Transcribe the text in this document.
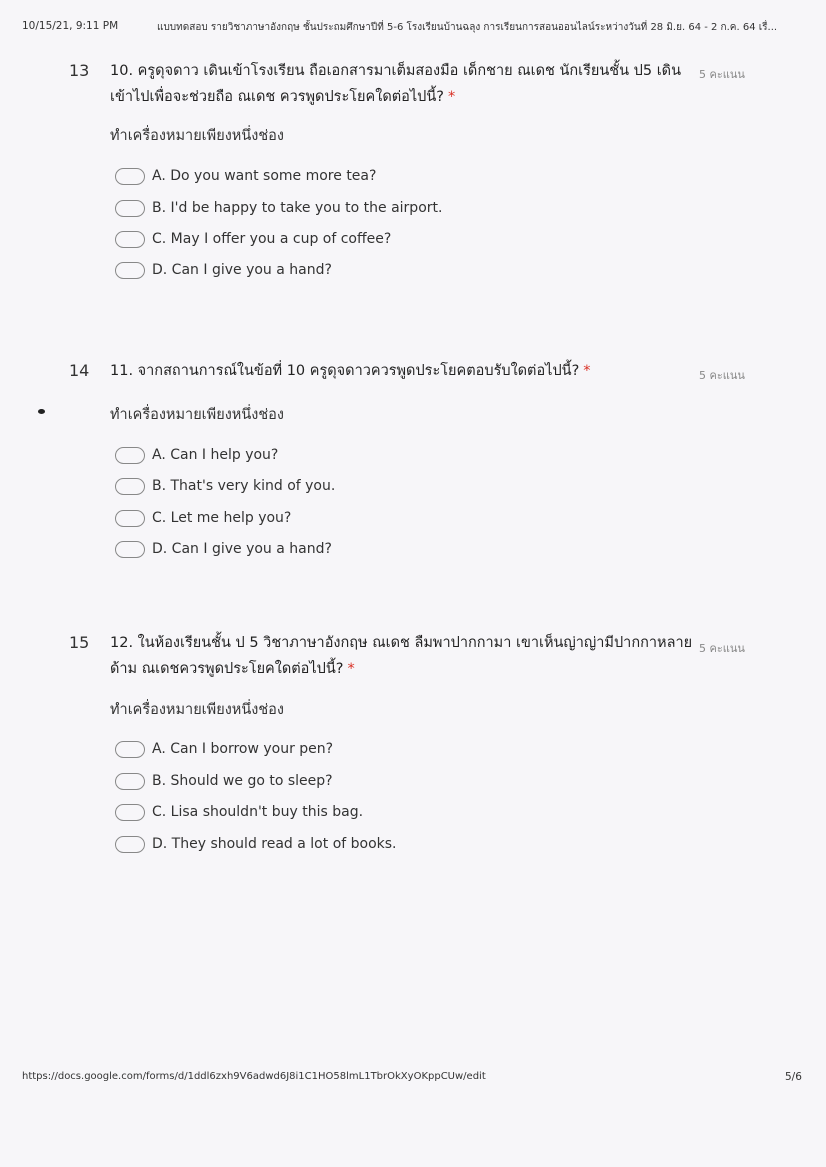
10/15/21, 9:11 PM	แบบทดสอบ รายวิชาภาษาอังกฤษ ชั้นประถมศึกษาปีที่ 5-6 โรงเรียนบ้านฉลุง การเรียนการสอนออนไลน์ระหว่างวันที่ 28 มิ.ย. 64 - 2 ก.ค. 64 เรื่...
13 10. ครูดุจดาว เดินเข้าโรงเรียน ถือเอกสารมาเต็มสองมือ เด็กชาย ณเดช นักเรียนชั้น ป5 เดินเข้าไปเพื่อจะช่วยถือ ณเดช ควรพูดประโยคใดต่อไปนี้? *
5 คะแนน
ทำเครื่องหมายเพียงหนึ่งช่อง
A. Do you want some more tea?
B. I'd be happy to take you to the airport.
C. May I offer you a cup of coffee?
D. Can I give you a hand?
14 11. จากสถานการณ์ในข้อที่ 10 ครูดุจดาวควรพูดประโยคตอบรับใดต่อไปนี้? *	5 คะแนน
ทำเครื่องหมายเพียงหนึ่งช่อง
A. Can I help you?
B. That's very kind of you.
C. Let me help you?
D. Can I give you a hand?
15 12. ในห้องเรียนชั้น ป 5 วิชาภาษาอังกฤษ ณเดช ลืมพาปากกามา เขาเห็นญ่าญ่ามีปากกาหลายด้าม ณเดชควรพูดประโยคใดต่อไปนี้? *
5 คะแนน
ทำเครื่องหมายเพียงหนึ่งช่อง
A. Can I borrow your pen?
B. Should we go to sleep?
C. Lisa shouldn't buy this bag.
D. They should read a lot of books.
https://docs.google.com/forms/d/1ddl6zxh9V6adwd6J8i1C1HO58lmL1TbrOkXyOKppCUw/edit	5/6
